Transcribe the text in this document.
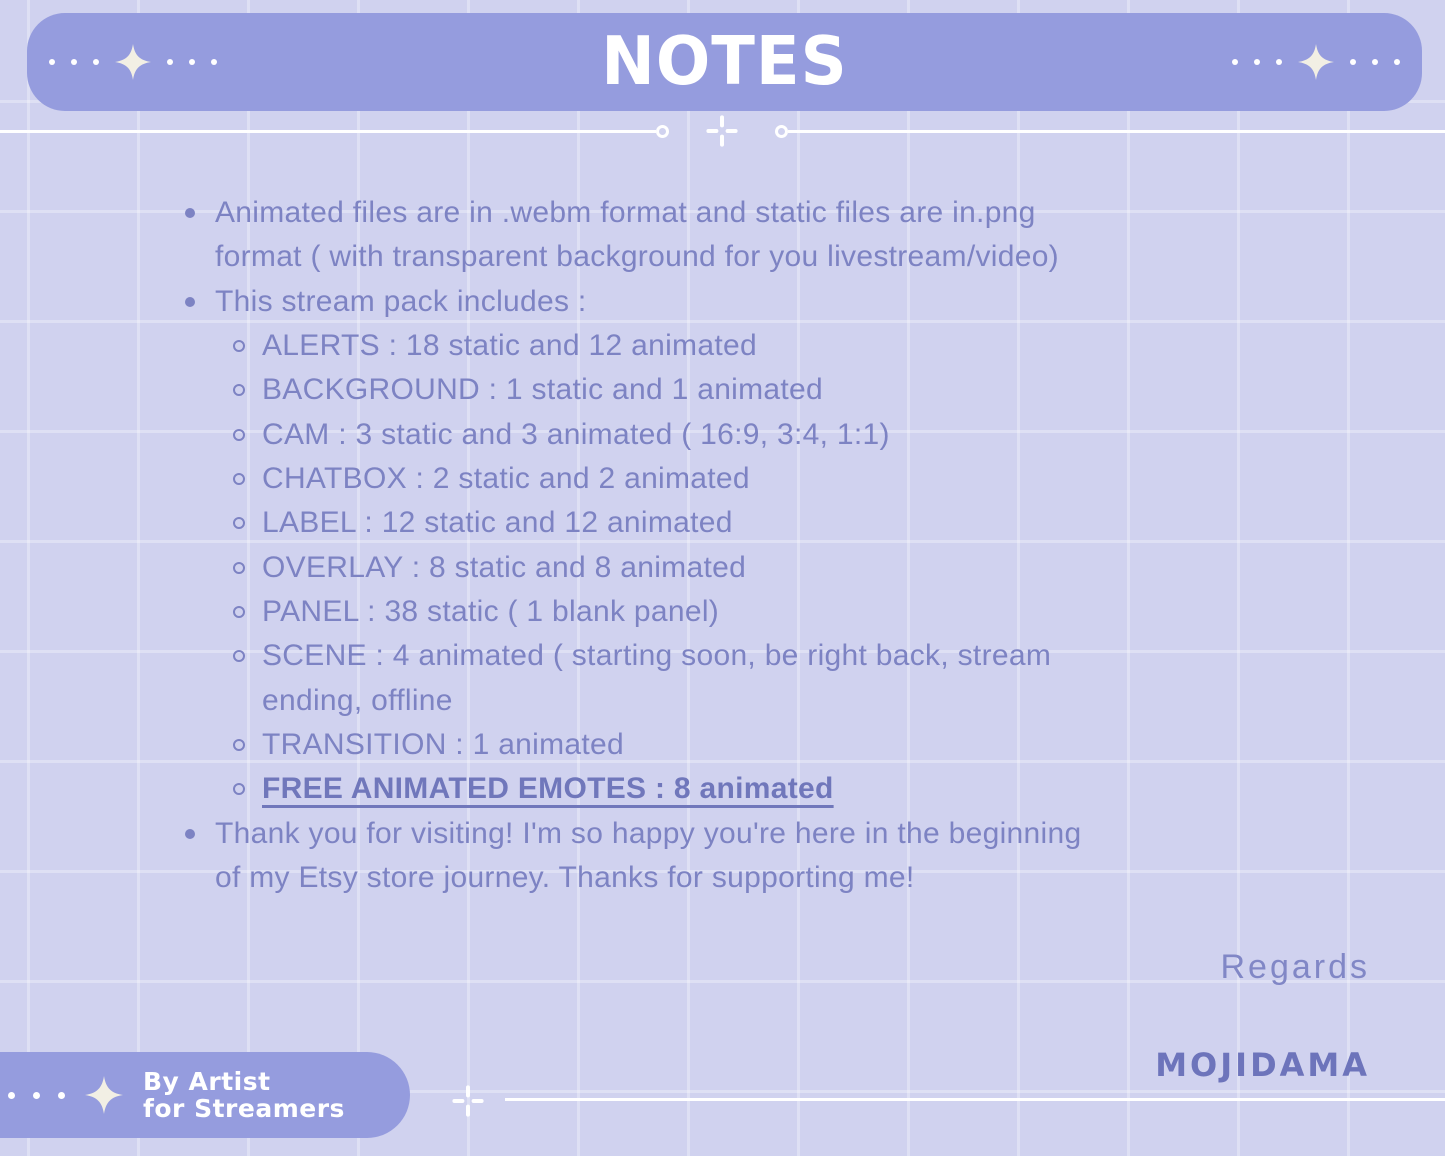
NOTES
Animated files are in .webm format and static files are in.png
format ( with transparent background for you livestream/video)
This stream pack includes :
ALERTS : 18 static and 12 animated
BACKGROUND : 1 static and 1 animated
CAM : 3 static and 3 animated ( 16:9, 3:4, 1:1)
CHATBOX : 2 static and 2 animated
LABEL : 12 static and 12 animated
OVERLAY : 8 static and 8 animated
PANEL : 38 static ( 1 blank panel)
SCENE : 4 animated ( starting soon, be right back, stream
ending, offline
TRANSITION : 1 animated
FREE ANIMATED EMOTES : 8 animated
Thank you for visiting! I'm so happy you're here in the beginning
of my Etsy store journey. Thanks for supporting me!
Regards
MOJIDAMA
By Artist
for Streamers
